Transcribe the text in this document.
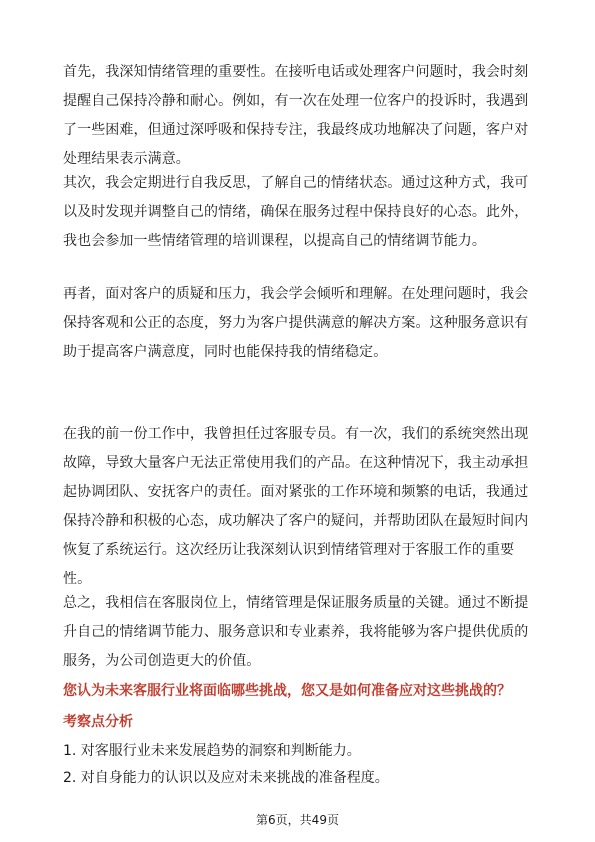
首先，我深知情绪管理的重要性。在接听电话或处理客户问题时，我会时刻提醒自己保持冷静和耐心。例如，有一次在处理一位客户的投诉时，我遇到了一些困难，但通过深呼吸和保持专注，我最终成功地解决了问题，客户对处理结果表示满意。

其次，我会定期进行自我反思，了解自己的情绪状态。通过这种方式，我可以及时发现并调整自己的情绪，确保在服务过程中保持良好的心态。此外，我也会参加一些情绪管理的培训课程，以提高自己的情绪调节能力。

再者，面对客户的质疑和压力，我会学会倾听和理解。在处理问题时，我会保持客观和公正的态度，努力为客户提供满意的解决方案。这种服务意识有助于提高客户满意度，同时也能保持我的情绪稳定。

在我的前一份工作中，我曾担任过客服专员。有一次，我们的系统突然出现故障，导致大量客户无法正常使用我们的产品。在这种情况下，我主动承担起协调团队、安抚客户的责任。面对紧张的工作环境和频繁的电话，我通过保持冷静和积极的心态，成功解决了客户的疑问，并帮助团队在最短时间内恢复了系统运行。这次经历让我深刻认识到情绪管理对于客服工作的重要性。

总之，我相信在客服岗位上，情绪管理是保证服务质量的关键。通过不断提升自己的情绪调节能力、服务意识和专业素养，我将能够为客户提供优质的服务，为公司创造更大的价值。

您认为未来客服行业将面临哪些挑战，您又是如何准备应对这些挑战的？

考察点分析

1. 对客服行业未来发展趋势的洞察和判断能力。
2. 对自身能力的认识以及应对未来挑战的准备程度。
第6页，共49页
